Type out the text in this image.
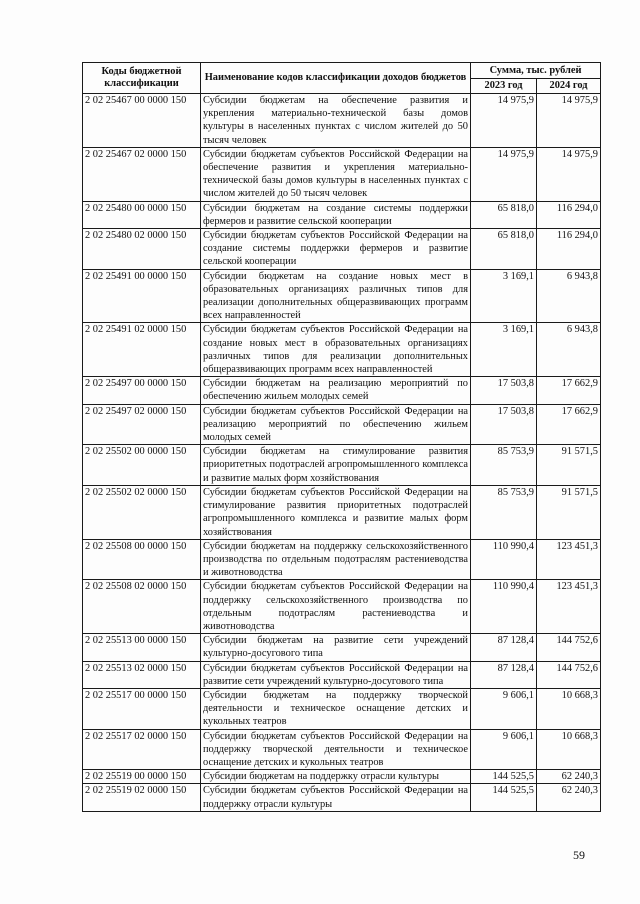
Коды бюджетной классификации	Наименование кодов классификации доходов бюджетов	Сумма, тыс. рублей	
		2023 год	2024 год
2 02 25467 00 0000 150	Субсидии бюджетам на обеспечение развития и укрепления материально-технической базы домов культуры в населенных пунктах с числом жителей до 50 тысяч человек	14 975,9	14 975,9
2 02 25467 02 0000 150	Субсидии бюджетам субъектов Российской Федерации на обеспечение развития и укрепления материально-технической базы домов культуры в населенных пунктах с числом жителей до 50 тысяч человек	14 975,9	14 975,9
2 02 25480 00 0000 150	Субсидии бюджетам на создание системы поддержки фермеров и развитие сельской кооперации	65 818,0	116 294,0
2 02 25480 02 0000 150	Субсидии бюджетам субъектов Российской Федерации на создание системы поддержки фермеров и развитие сельской кооперации	65 818,0	116 294,0
2 02 25491 00 0000 150	Субсидии бюджетам на создание новых мест в образовательных организациях различных типов для реализации дополнительных общеразвивающих программ всех направленностей	3 169,1	6 943,8
2 02 25491 02 0000 150	Субсидии бюджетам субъектов Российской Федерации на создание новых мест в образовательных организациях различных типов для реализации дополнительных общеразвивающих программ всех направленностей	3 169,1	6 943,8
2 02 25497 00 0000 150	Субсидии бюджетам на реализацию мероприятий по обеспечению жильем молодых семей	17 503,8	17 662,9
2 02 25497 02 0000 150	Субсидии бюджетам субъектов Российской Федерации на реализацию мероприятий по обеспечению жильем молодых семей	17 503,8	17 662,9
2 02 25502 00 0000 150	Субсидии бюджетам на стимулирование развития приоритетных подотраслей агропромышленного комплекса и развитие малых форм хозяйствования	85 753,9	91 571,5
2 02 25502 02 0000 150	Субсидии бюджетам субъектов Российской Федерации на стимулирование развития приоритетных подотраслей агропромышленного комплекса и развитие малых форм хозяйствования	85 753,9	91 571,5
2 02 25508 00 0000 150	Субсидии бюджетам на поддержку сельскохозяйственного производства по отдельным подотраслям растениеводства и животноводства	110 990,4	123 451,3
2 02 25508 02 0000 150	Субсидии бюджетам субъектов Российской Федерации на поддержку сельскохозяйственного производства по отдельным подотраслям растениеводства и животноводства	110 990,4	123 451,3
2 02 25513 00 0000 150	Субсидии бюджетам на развитие сети учреждений культурно-досугового типа	87 128,4	144 752,6
2 02 25513 02 0000 150	Субсидии бюджетам субъектов Российской Федерации на развитие сети учреждений культурно-досугового типа	87 128,4	144 752,6
2 02 25517 00 0000 150	Субсидии бюджетам на поддержку творческой деятельности и техническое оснащение детских и кукольных театров	9 606,1	10 668,3
2 02 25517 02 0000 150	Субсидии бюджетам субъектов Российской Федерации на поддержку творческой деятельности и техническое оснащение детских и кукольных театров	9 606,1	10 668,3
2 02 25519 00 0000 150	Субсидии бюджетам на поддержку отрасли культуры	144 525,5	62 240,3
2 02 25519 02 0000 150	Субсидии бюджетам субъектов Российской Федерации на поддержку отрасли культуры	144 525,5	62 240,3
59
